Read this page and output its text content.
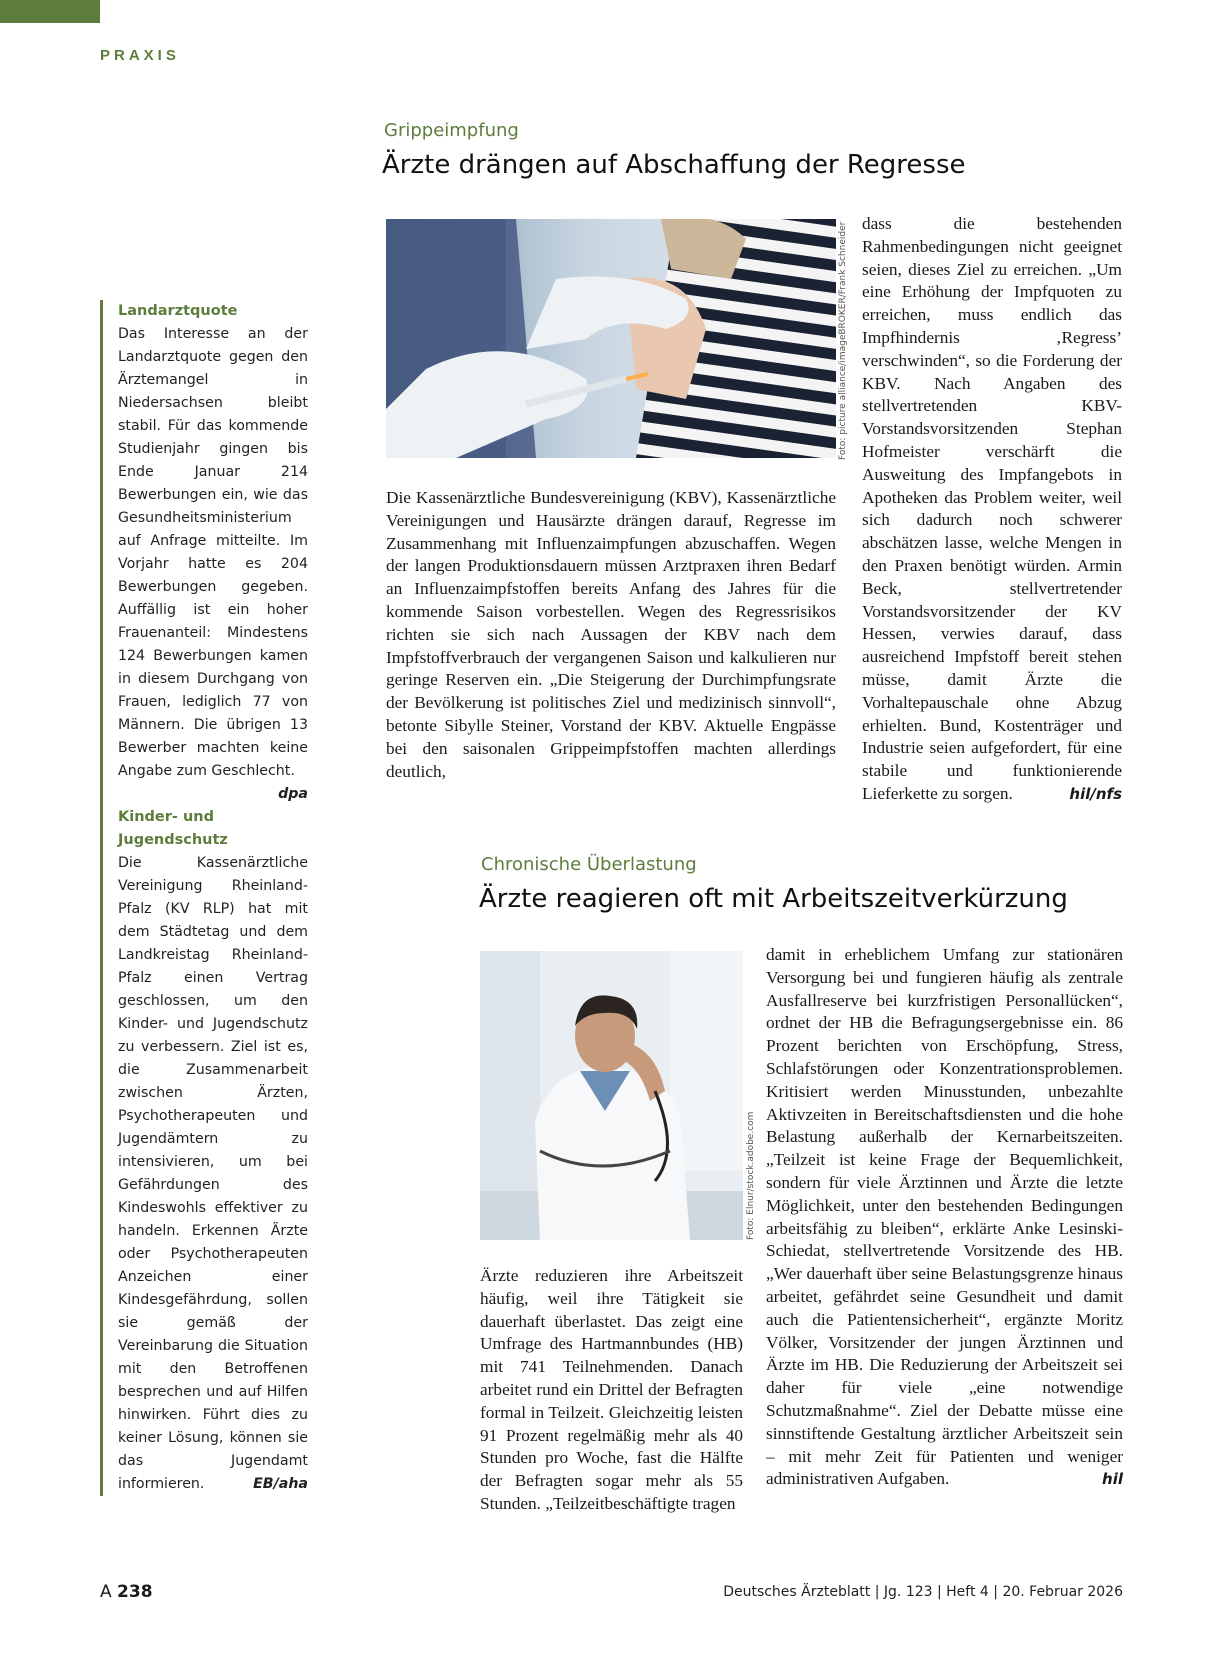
PRAXIS
Landarztquote

Das Interesse an der Landarztquote gegen den Ärztemangel in Niedersachsen bleibt stabil. Für das kommende Studienjahr gingen bis Ende Januar 214 Bewerbungen ein, wie das Gesundheitsministerium auf Anfrage mitteilte. Im Vorjahr hatte es 204 Bewerbungen gegeben. Auffällig ist ein hoher Frauenanteil: Mindestens 124 Bewerbungen kamen in diesem Durchgang von Frauen, lediglich 77 von Männern. Die übrigen 13 Bewerber machten keine Angabe zum Geschlecht.
dpa

Kinder- und Jugendschutz

Die Kassenärztliche Vereinigung Rheinland-Pfalz (KV RLP) hat mit dem Städtetag und dem Landkreistag Rheinland-Pfalz einen Vertrag geschlossen, um den Kinder- und Jugendschutz zu verbessern. Ziel ist es, die Zusammenarbeit zwischen Ärzten, Psychotherapeuten und Jugendämtern zu intensivieren, um bei Gefährdungen des Kindeswohls effektiver zu handeln. Erkennen Ärzte oder Psychotherapeuten Anzeichen einer Kindesgefährdung, sollen sie gemäß der Vereinbarung die Situation mit den Betroffenen besprechen und auf Hilfen hinwirken. Führt dies zu keiner Lösung, können sie das Jugendamt informieren.	EB/aha

Grippeimpfung
Ärzte drängen auf Abschaffung der Regresse
Foto: picture alliance/imageBROKER/Frank Schneider

Die Kassenärztliche Bundesvereinigung (KBV), Kassenärztliche Vereinigungen und Hausärzte drängen darauf, Regresse im Zusammenhang mit Influenzaimpfungen abzuschaffen. Wegen der langen Produktionsdauern müssen Arztpraxen ihren Bedarf an Influenzaimpfstoffen bereits Anfang des Jahres für die kommende Saison vorbestellen. Wegen des Regressrisikos richten sie sich nach Aussagen der KBV nach dem Impfstoffverbrauch der vergangenen Saison und kalkulieren nur geringe Reserven ein. „Die Steigerung der Durchimpfungsrate der Bevölkerung ist politisches Ziel und medizinisch sinnvoll“, betonte Sibylle Steiner, Vorstand der KBV. Aktuelle Engpässe bei den saisonalen Grippeimpfstoffen machten allerdings deutlich,

dass die bestehenden Rahmenbedingungen nicht geeignet seien, dieses Ziel zu erreichen. „Um eine Erhöhung der Impfquoten zu erreichen, muss endlich das Impfhindernis ‚Regress’ verschwinden“, so die Forderung der KBV. Nach Angaben des stellvertretenden KBV-Vorstandsvorsitzenden Stephan Hofmeister verschärft die Ausweitung des Impfangebots in Apotheken das Problem weiter, weil sich dadurch noch schwerer abschätzen lasse, welche Mengen in den Praxen benötigt würden. Armin Beck, stellvertretender Vorstandsvorsitzender der KV Hessen, verwies darauf, dass ausreichend Impfstoff bereit stehen müsse, damit Ärzte die Vorhaltepauschale ohne Abzug erhielten. Bund, Kostenträger und Industrie seien aufgefordert, für eine stabile und funktionierende Lieferkette zu sorgen.	hil/nfs

Chronische Überlastung
Ärzte reagieren oft mit Arbeitszeitverkürzung
Foto: Elnur/stock.adobe.com

Ärzte reduzieren ihre Arbeitszeit häufig, weil ihre Tätigkeit sie dauerhaft überlastet. Das zeigt eine Umfrage des Hartmannbundes (HB) mit 741 Teilnehmenden. Danach arbeitet rund ein Drittel der Befragten formal in Teilzeit. Gleichzeitig leisten 91 Prozent regelmäßig mehr als 40 Stunden pro Woche, fast die Hälfte der Befragten sogar mehr als 55 Stunden. „Teilzeitbeschäftigte tragen

damit in erheblichem Umfang zur stationären Versorgung bei und fungieren häufig als zentrale Ausfallreserve bei kurzfristigen Personallücken“, ordnet der HB die Befragungsergebnisse ein. 86 Prozent berichten von Erschöpfung, Stress, Schlafstörungen oder Konzentrationsproblemen. Kritisiert werden Minusstunden, unbezahlte Aktivzeiten in Bereitschaftsdiensten und die hohe Belastung außerhalb der Kernarbeitszeiten. „Teilzeit ist keine Frage der Bequemlichkeit, sondern für viele Ärztinnen und Ärzte die letzte Möglichkeit, unter den bestehenden Bedingungen arbeitsfähig zu bleiben“, erklärte Anke Lesinski-Schiedat, stellvertretende Vorsitzende des HB. „Wer dauerhaft über seine Belastungsgrenze hinaus arbeitet, gefährdet seine Gesundheit und damit auch die Patientensicherheit“, ergänzte Moritz Völker, Vorsitzender der jungen Ärztinnen und Ärzte im HB. Die Reduzierung der Arbeitszeit sei daher für viele „eine notwendige Schutzmaßnahme“. Ziel der Debatte müsse eine sinnstiftende Gestaltung ärztlicher Arbeitszeit sein – mit mehr Zeit für Patienten und weniger administrativen Aufgaben.	hil

A 238	Deutsches Ärzteblatt | Jg. 123 | Heft 4 | 20. Februar 2026
